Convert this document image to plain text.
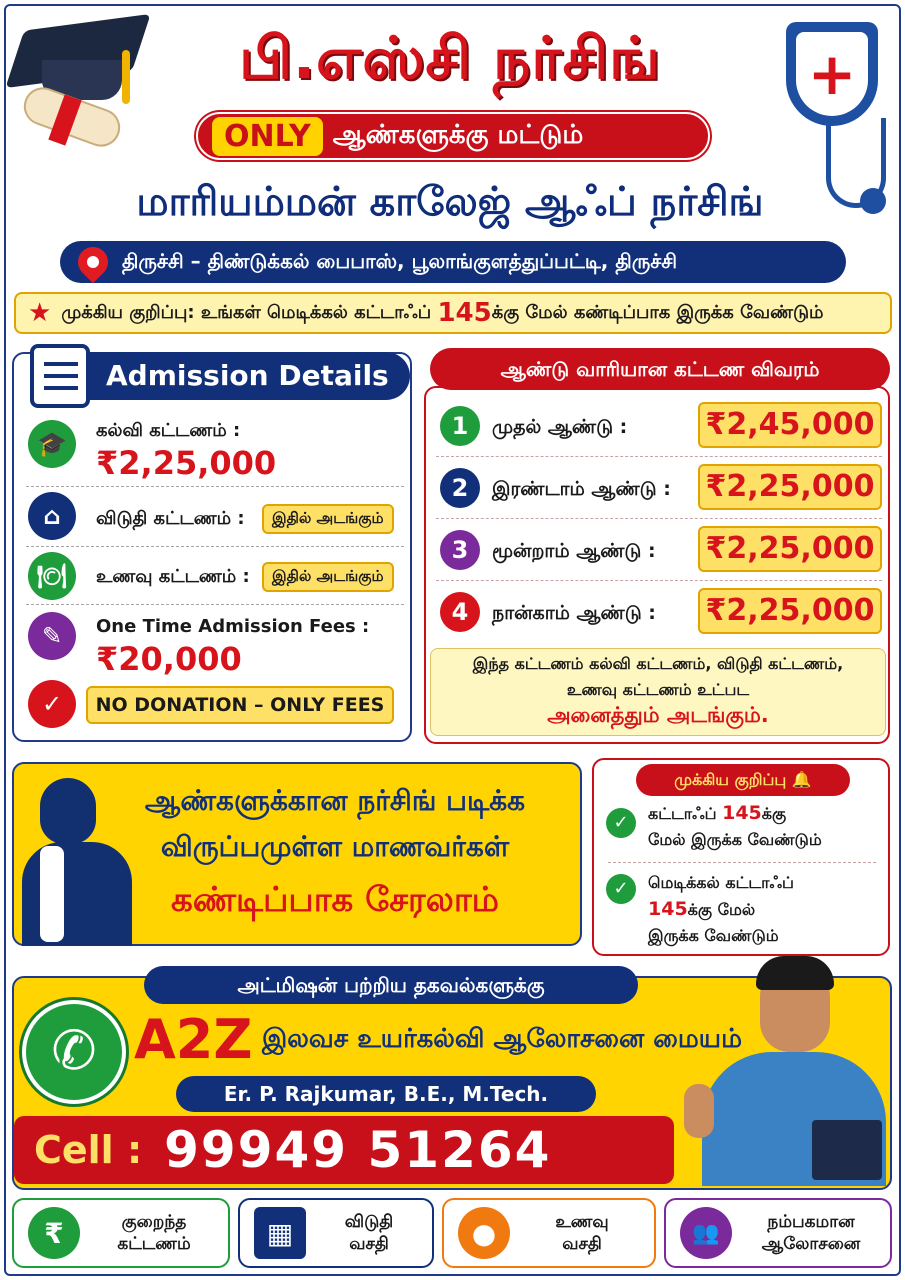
+
பி.எஸ்சி நர்சிங்
ONLY ஆண்களுக்கு மட்டும்
மாரியம்மன் காலேஜ் ஆஃப் நர்சிங்
திருச்சி – திண்டுக்கல் பைபாஸ், பூலாங்குளத்துப்பட்டி, திருச்சி
★ முக்கிய குறிப்பு: உங்கள் மெடிக்கல் கட்டாஃப்
145 க்கு மேல் கண்டிப்பாக இருக்க வேண்டும்
Admission Details
🎓	கல்வி கட்டணம் :
₹2,25,000
⌂	விடுதி கட்டணம் :	இதில் அடங்கும்
🍽	உணவு கட்டணம் :	இதில் அடங்கும்
✎	One Time Admission Fees :
₹20,000
✓	NO DONATION – ONLY FEES
ஆண்டு வாரியான கட்டண விவரம்
1	முதல் ஆண்டு :	₹2,45,000
2	இரண்டாம் ஆண்டு : ₹2,25,000
3	மூன்றாம் ஆண்டு : ₹2,25,000
4	நான்காம் ஆண்டு : ₹2,25,000
இந்த கட்டணம் கல்வி கட்டணம், விடுதி கட்டணம்,
உணவு கட்டணம் உட்பட
அனைத்தும் அடங்கும்.
ஆண்களுக்கான நர்சிங் படிக்க
விருப்பமுள்ள மாணவர்கள்
கண்டிப்பாக சேரலாம்
முக்கிய குறிப்பு 🔔
✓	கட்டாஃப் 145க்கு
மேல் இருக்க வேண்டும்
✓	மெடிக்கல் கட்டாஃப்
145க்கு மேல்
இருக்க வேண்டும்
அட்மிஷன் பற்றிய தகவல்களுக்கு
✆ A2Z இலவச உயர்கல்வி ஆலோசனை மையம்
Er. P. Rajkumar, B.E., M.Tech.
Cell : 99949 51264
₹	குறைந்த
கட்டணம்	▦	விடுதி
வசதி	●	உணவு
வசதி	👥	நம்பகமான
ஆலோசனை
